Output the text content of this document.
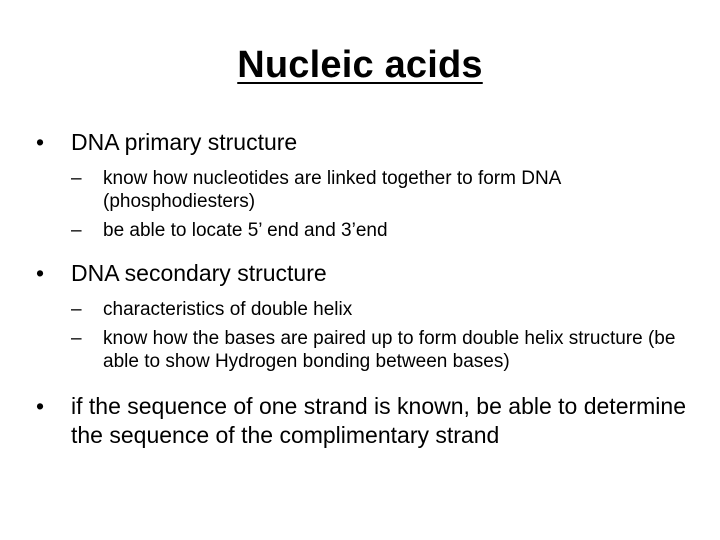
Nucleic acids
•	DNA primary structure
– know how nucleotides are linked together to form DNA (phosphodiesters)
– be able to locate 5’ end and 3’end
•	DNA secondary structure
– characteristics of double helix
– know how the bases are paired up to form double helix structure (be able to show Hydrogen bonding between bases)
•	if the sequence of one strand is known, be able to determine the sequence of the complimentary strand
